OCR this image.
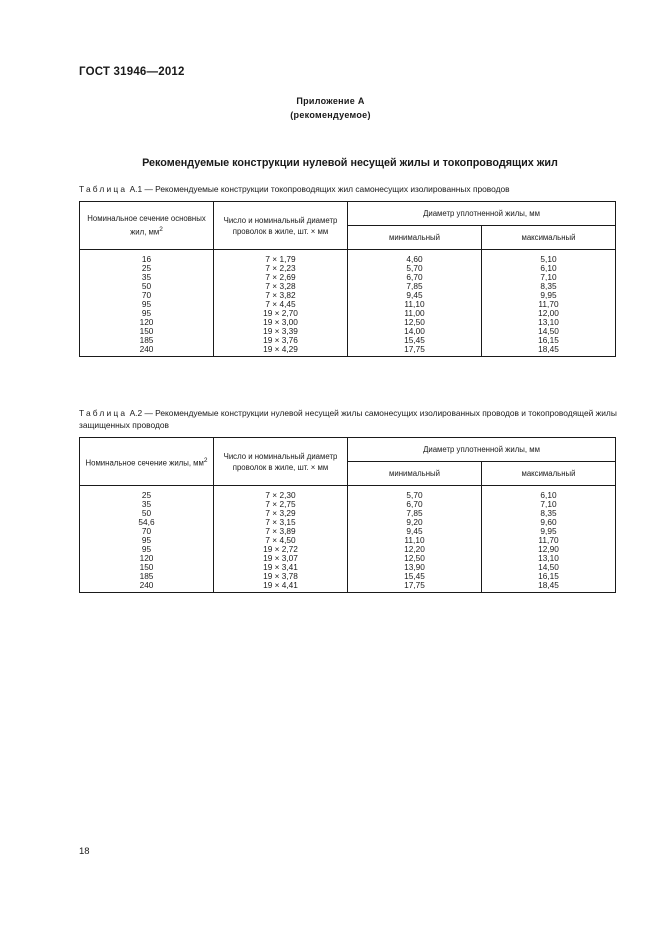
ГОСТ 31946—2012
Приложение А
(рекомендуемое)
Рекомендуемые конструкции нулевой несущей жилы и токопроводящих жил
Таблица А.1 — Рекомендуемые конструкции токопроводящих жил самонесущих изолированных проводов
Номинальное сечение основных жил, $мм^2$	Число и номинальный диаметр проволок в жиле, шт. × мм	Диаметр уплотненной жилы, мм	
		минимальный	максимальный
16	7 × 1,79	4,60	5,10
25	7 × 2,23	5,70	6,10
35	7 × 2,69	6,70	7,10
50	7 × 3,28	7,85	8,35
70	7 × 3,82	9,45	9,95
95	7 × 4,45	11,10	11,70
95	19 × 2,70	11,00	12,00
120	19 × 3,00	12,50	13,10
150	19 × 3,39	14,00	14,50
185	19 × 3,76	15,45	16,15
240	19 × 4,29	17,75	18,45
Таблица А.2 — Рекомендуемые конструкции нулевой несущей жилы самонесущих изолированных проводов и токопроводящей жилы защищенных проводов
Номинальное сечение жилы, $мм^2$	Число и номинальный диаметр проволок в жиле, шт. × мм	Диаметр уплотненной жилы, мм	
		минимальный	максимальный
25	7 × 2,30	5,70	6,10
35	7 × 2,75	6,70	7,10
50	7 × 3,29	7,85	8,35
54,6	7 × 3,15	9,20	9,60
70	7 × 3,89	9,45	9,95
95	7 × 4,50	11,10	11,70
95	19 × 2,72	12,20	12,90
120	19 × 3,07	12,50	13,10
150	19 × 3,41	13,90	14,50
185	19 × 3,78	15,45	16,15
240	19 × 4,41	17,75	18,45
18
